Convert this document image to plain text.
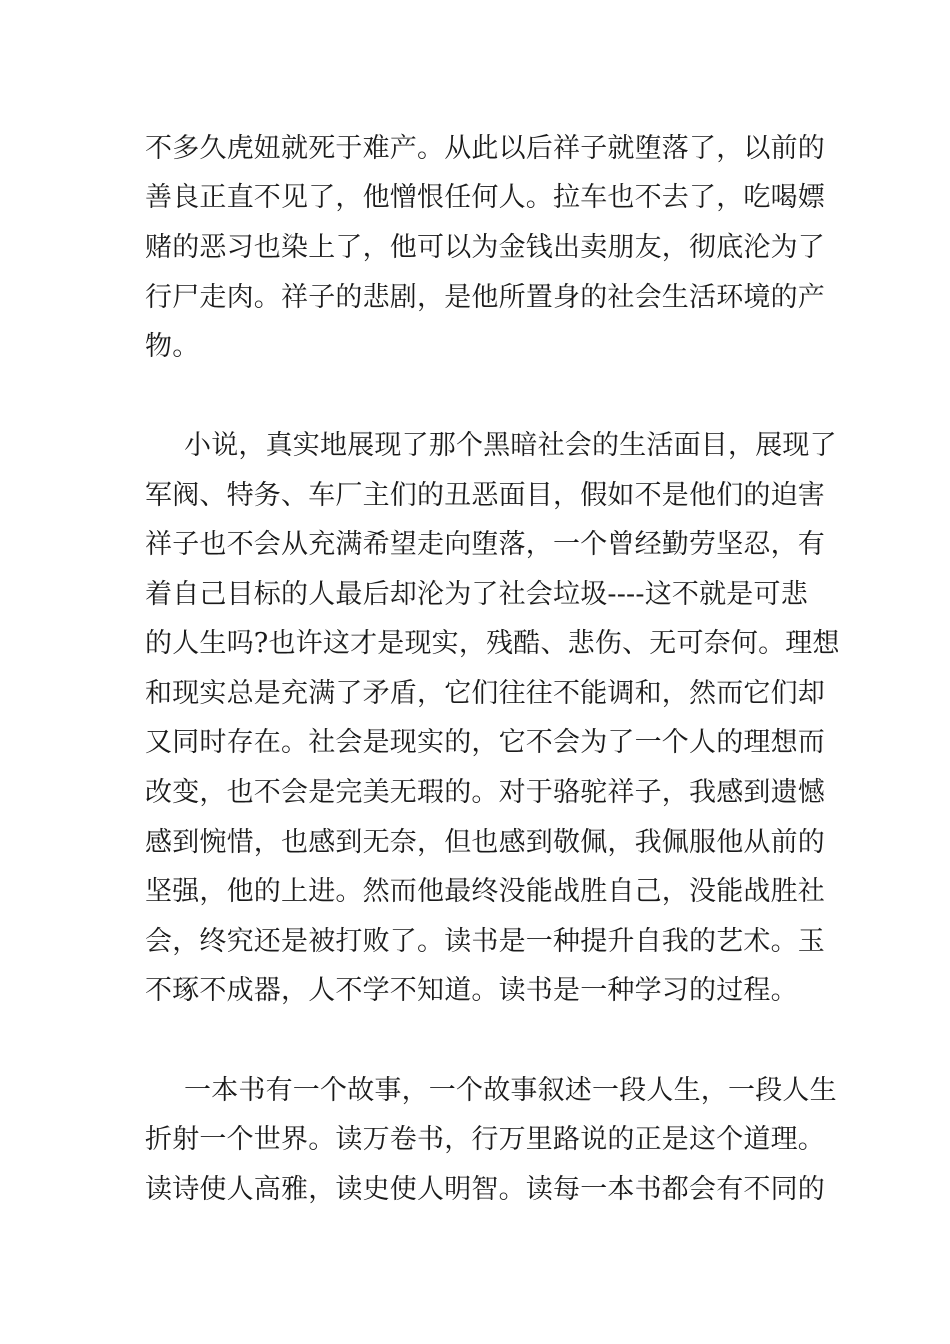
不多久虎妞就死于难产。从此以后祥子就堕落了，以前的
善良正直不见了，他憎恨任何人。拉车也不去了，吃喝嫖
赌的恶习也染上了，他可以为金钱出卖朋友，彻底沦为了
行尸走肉。祥子的悲剧，是他所置身的社会生活环境的产
物。
小说，真实地展现了那个黑暗社会的生活面目，展现了
军阀、特务、车厂主们的丑恶面目，假如不是他们的迫害
祥子也不会从充满希望走向堕落，一个曾经勤劳坚忍，有
着自己目标的人最后却沦为了社会垃圾----这不就是可悲
的人生吗?也许这才是现实，残酷、悲伤、无可奈何。理想
和现实总是充满了矛盾，它们往往不能调和，然而它们却
又同时存在。社会是现实的，它不会为了一个人的理想而
改变，也不会是完美无瑕的。对于骆驼祥子，我感到遗憾
感到惋惜，也感到无奈，但也感到敬佩，我佩服他从前的
坚强，他的上进。然而他最终没能战胜自己，没能战胜社
会，终究还是被打败了。读书是一种提升自我的艺术。玉
不琢不成器，人不学不知道。读书是一种学习的过程。
一本书有一个故事，一个故事叙述一段人生，一段人生
折射一个世界。读万卷书，行万里路说的正是这个道理。
读诗使人高雅，读史使人明智。读每一本书都会有不同的
